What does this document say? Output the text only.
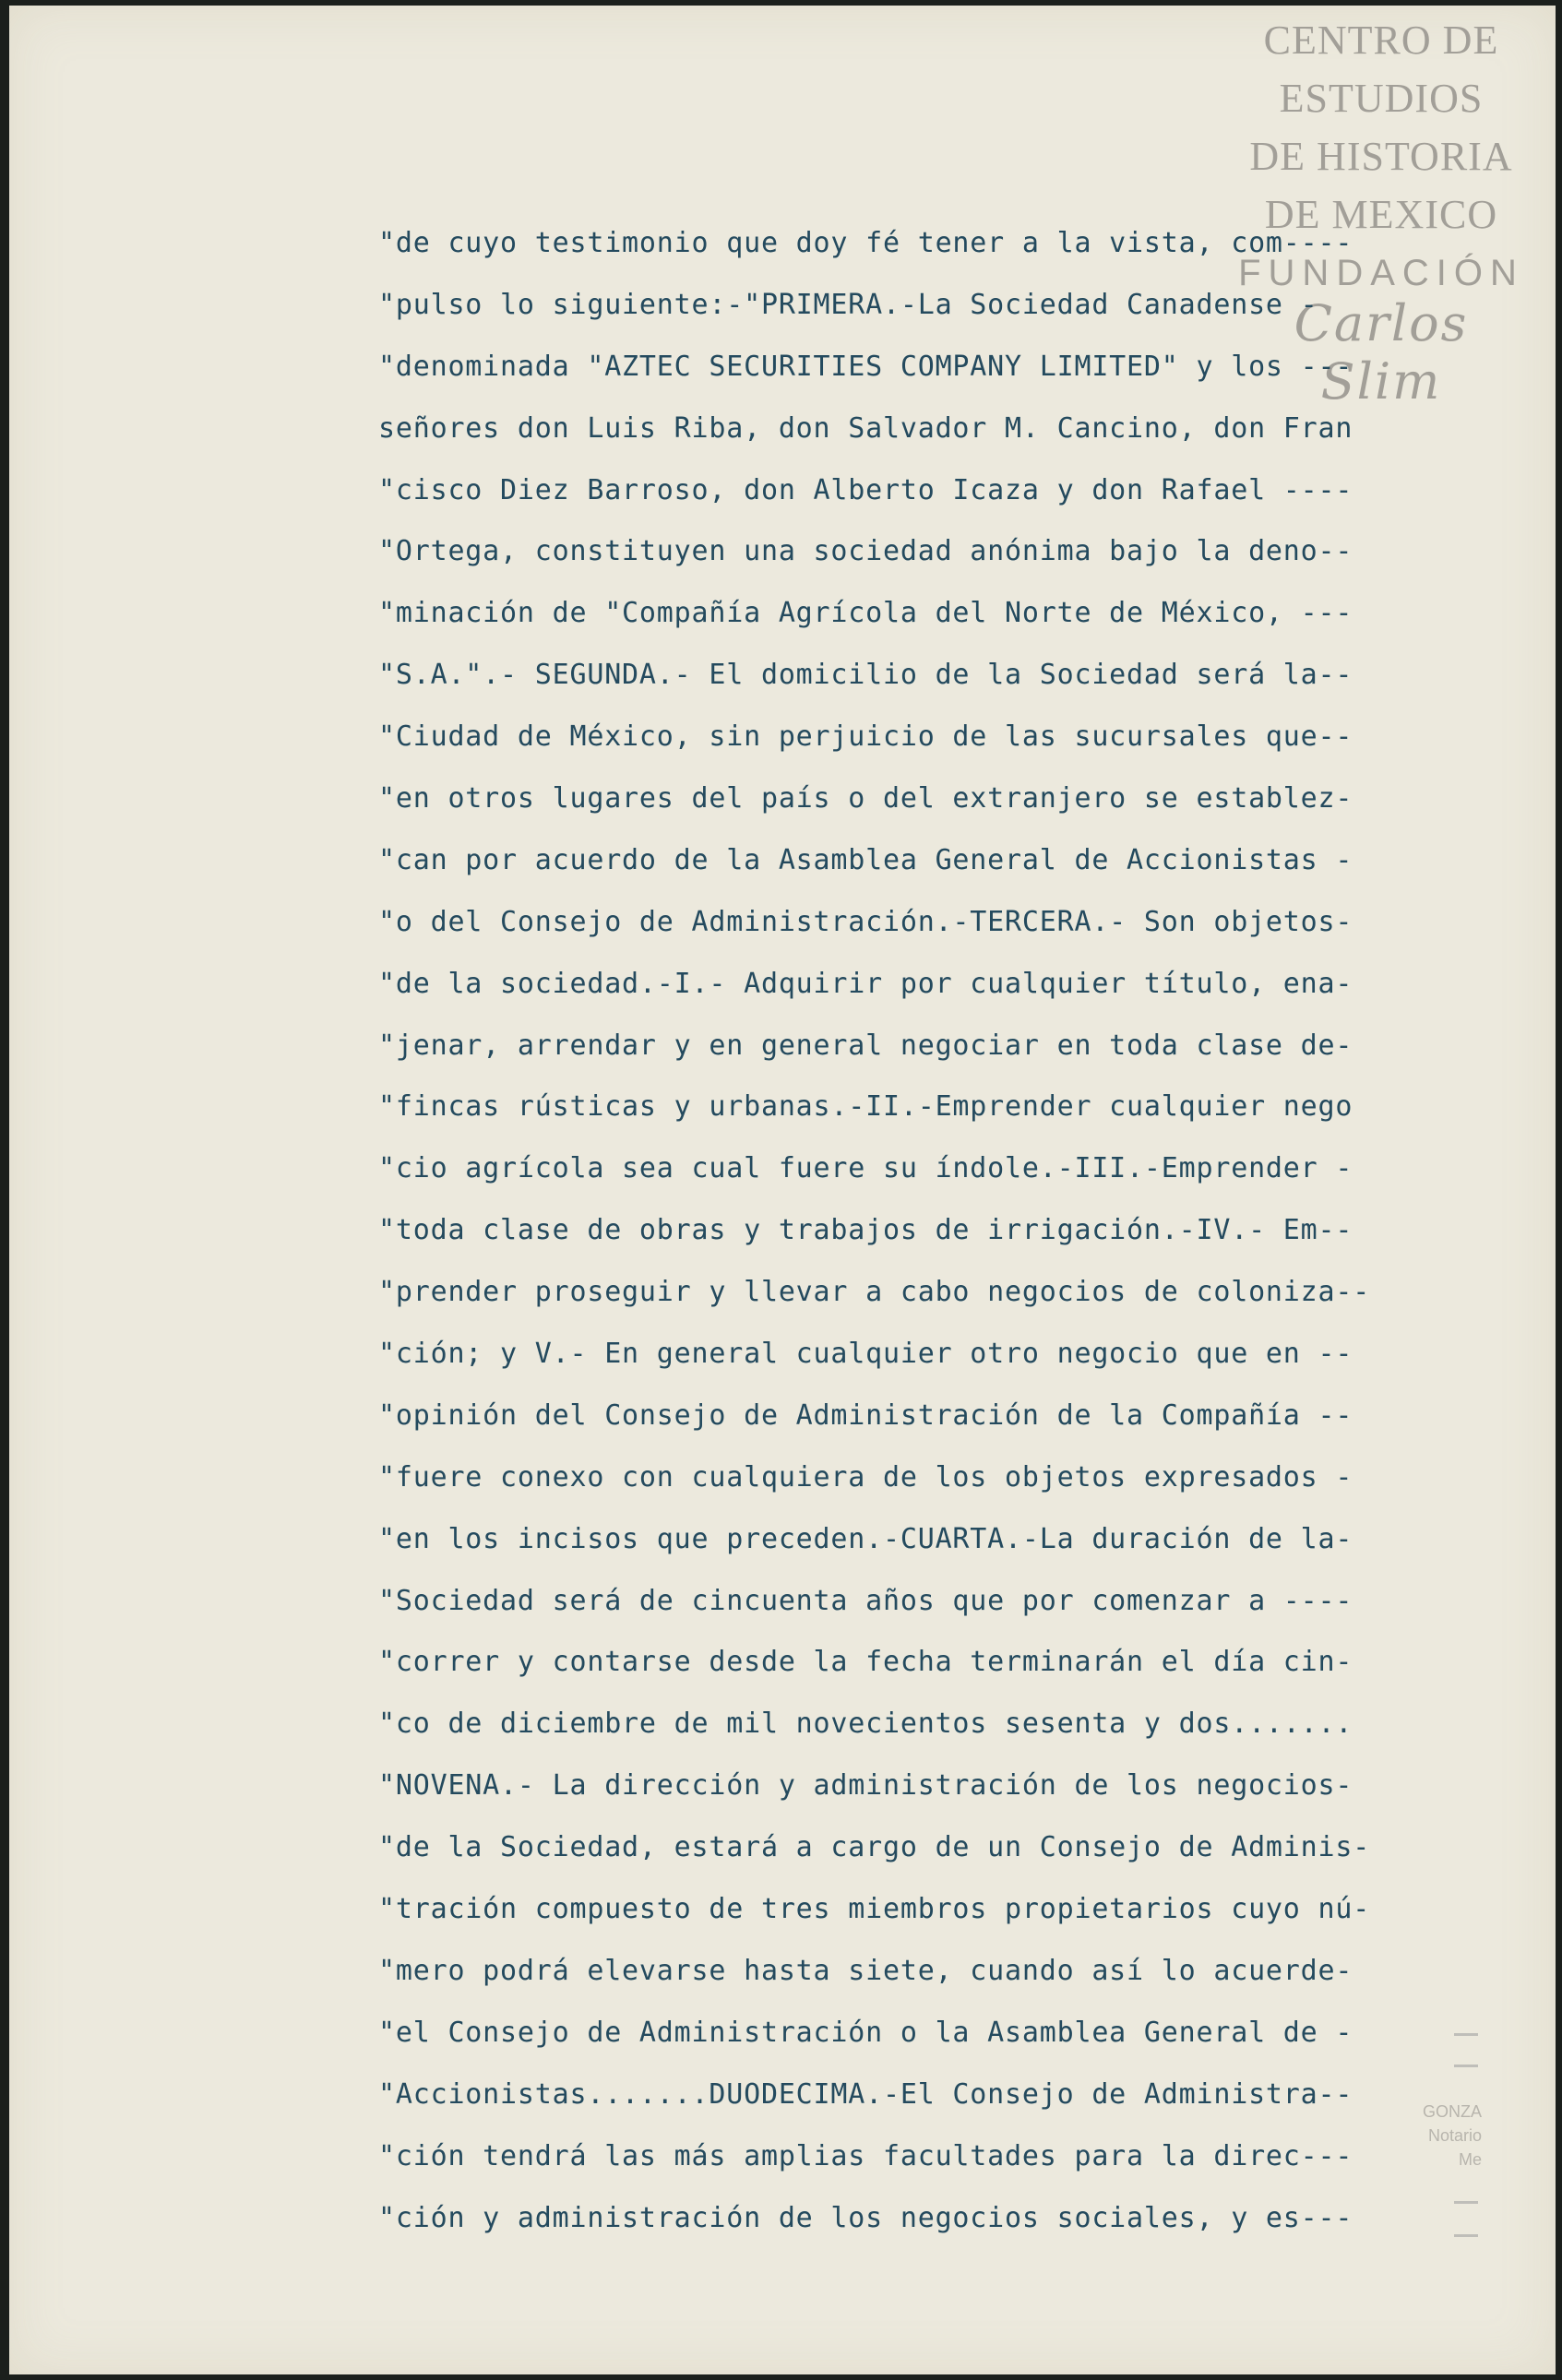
CENTRO DE
ESTUDIOS
DE HISTORIA
DE MEXICO
FUNDACIÓN
Carlos Slim
"de cuyo testimonio que doy fé tener a la vista, com----
"pulso lo siguiente:-"PRIMERA.-La Sociedad Canadense -
"denominada "AZTEC SECURITIES COMPANY LIMITED" y los ---
señores don Luis Riba, don Salvador M. Cancino, don Fran
"cisco Diez Barroso, don Alberto Icaza y don Rafael ----
"Ortega, constituyen una sociedad anónima bajo la deno--
"minación de "Compañía Agrícola del Norte de México, ---
"S.A.".- SEGUNDA.- El domicilio de la Sociedad será la--
"Ciudad de México, sin perjuicio de las sucursales que--
"en otros lugares del país o del extranjero se establez-
"can por acuerdo de la Asamblea General de Accionistas -
"o del Consejo de Administración.-TERCERA.- Son objetos-
"de la sociedad.-I.- Adquirir por cualquier título, ena-
"jenar, arrendar y en general negociar en toda clase de-
"fincas rústicas y urbanas.-II.-Emprender cualquier nego
"cio agrícola sea cual fuere su índole.-III.-Emprender -
"toda clase de obras y trabajos de irrigación.-IV.- Em--
"prender proseguir y llevar a cabo negocios de coloniza--
"ción; y V.- En general cualquier otro negocio que en --
"opinión del Consejo de Administración de la Compañía --
"fuere conexo con cualquiera de los objetos expresados -
"en los incisos que preceden.-CUARTA.-La duración de la-
"Sociedad será de cincuenta años que por comenzar a ----
"correr y contarse desde la fecha terminarán el día cin-
"co de diciembre de mil novecientos sesenta y dos.......
"NOVENA.- La dirección y administración de los negocios-
"de la Sociedad, estará a cargo de un Consejo de Adminis-
"tración compuesto de tres miembros propietarios cuyo nú-
"mero podrá elevarse hasta siete, cuando así lo acuerde-
"el Consejo de Administración o la Asamblea General de -
"Accionistas.......DUODECIMA.-El Consejo de Administra--
"ción tendrá las más amplias facultades para la direc---
"ción y administración de los negocios sociales, y es---
GONZA
Notario
Me
